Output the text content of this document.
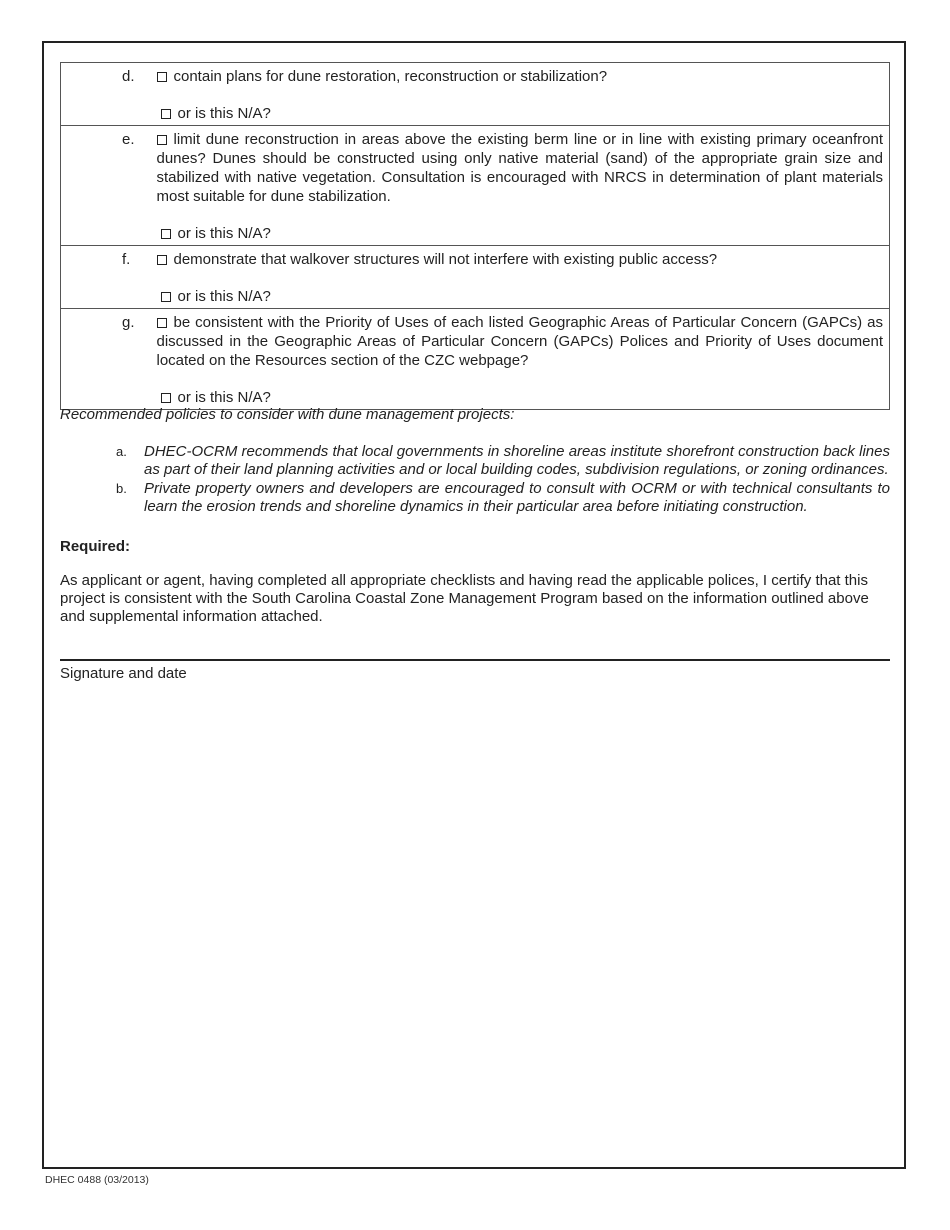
d.	contain plans for dune restoration, reconstruction or stabilization?
or is this N/A?

e.	limit dune reconstruction in areas above the existing berm line or in line with existing primary oceanfront dunes? Dunes should be constructed using only native material (sand) of the appropriate grain size and stabilized with native vegetation. Consultation is encouraged with NRCS in determination of plant materials most suitable for dune stabilization.
or is this N/A?

f.	demonstrate that walkover structures will not interfere with existing public access?
or is this N/A?

g.	be consistent with the Priority of Uses of each listed Geographic Areas of Particular Concern (GAPCs) as discussed in the Geographic Areas of Particular Concern (GAPCs) Polices and Priority of Uses document located on the Resources section of the CZC webpage?
or is this N/A?
Recommended policies to consider with dune management projects:
a. DHEC-OCRM recommends that local governments in shoreline areas institute shorefront construction back lines as part of their land planning activities and or local building codes, subdivision regulations, or zoning ordinances.
b. Private property owners and developers are encouraged to consult with OCRM or with technical consultants to learn the erosion trends and shoreline dynamics in their particular area before initiating construction.
Required:
As applicant or agent, having completed all appropriate checklists and having read the applicable polices, I certify that this project is consistent with the South Carolina Coastal Zone Management Program based on the information outlined above and supplemental information attached.
Signature and date
DHEC 0488 (03/2013)
